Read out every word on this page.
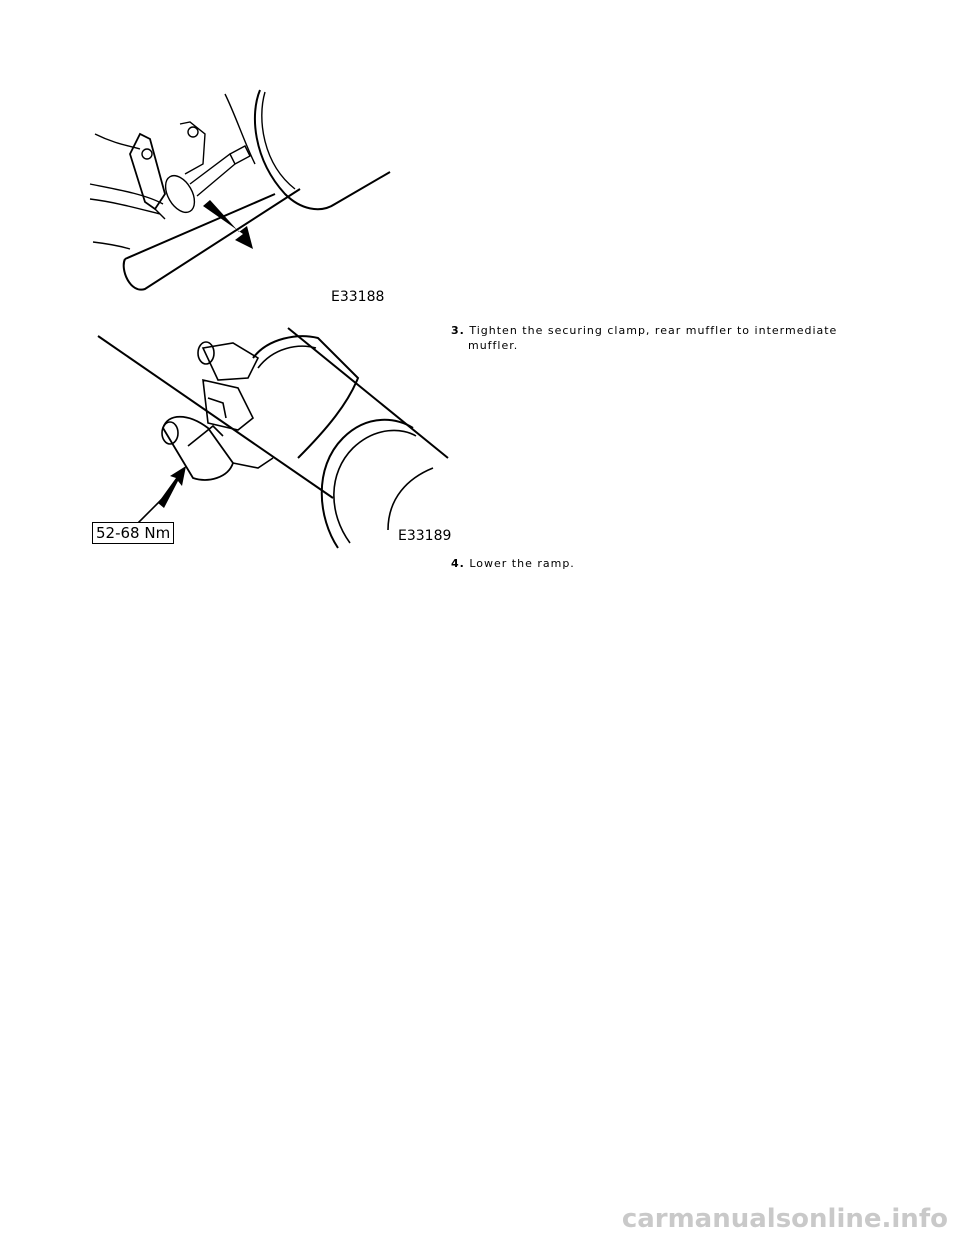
E33188
3. Tighten the securing clamp, rear muffler to intermediate
muffler.
52-68 Nm	E33189
4. Lower the ramp.
carmanualsonline.info
